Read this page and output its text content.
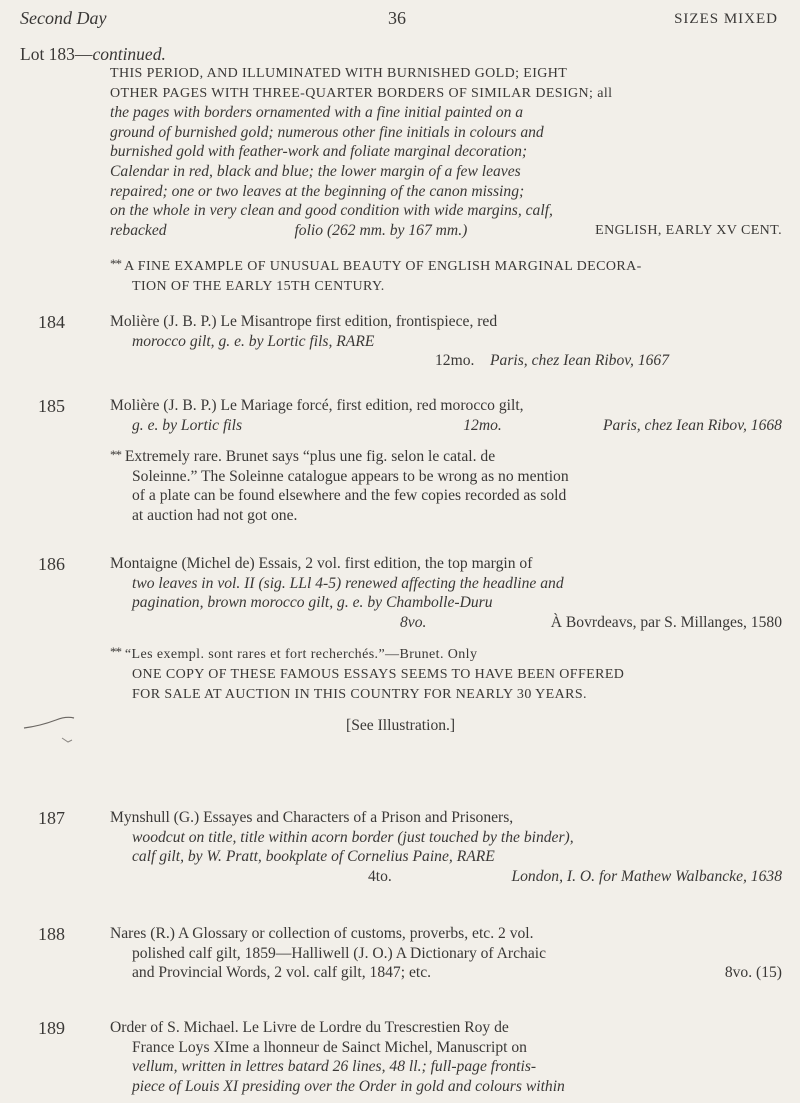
Second Day	36	SIZES MIXED
Lot 183—continued.

THIS PERIOD, AND ILLUMINATED WITH BURNISHED GOLD; EIGHT

OTHER PAGES WITH THREE-QUARTER BORDERS OF SIMILAR DESIGN; all

the pages with borders ornamented with a fine initial painted on a

ground of burnished gold; numerous other fine initials in colours and

burnished gold with feather-work and foliate marginal decoration;

Calendar in red, black and blue; the lower margin of a few leaves

repaired; one or two leaves at the beginning of the canon missing;

on the whole in very clean and good condition with wide margins, calf,

rebacked	folio (262 mm. by 167 mm.)	ENGLISH, EARLY XV CENT.

** A FINE EXAMPLE OF UNUSUAL BEAUTY OF ENGLISH MARGINAL DECORA-

TION OF THE EARLY 15TH CENTURY.

184	Molière (J. B. P.) Le Misantrope first edition, frontispiece, red

morocco gilt, g. e. by Lortic fils, RARE

12mo. Paris, chez Iean Ribov, 1667

185	Molière (J. B. P.) Le Mariage forcé, first edition, red morocco gilt,

g. e. by Lortic fils	12mo.	Paris, chez Iean Ribov, 1668

** Extremely rare. Brunet says “plus une fig. selon le catal. de

Soleinne.” The Soleinne catalogue appears to be wrong as no mention

of a plate can be found elsewhere and the few copies recorded as sold

at auction had not got one.

186	Montaigne (Michel de) Essais, 2 vol. first edition, the top margin of

two leaves in vol. II (sig. LLl 4-5) renewed affecting the headline and

pagination, brown morocco gilt, g. e. by Chambolle-Duru

8vo.	À Bovrdeavs, par S. Millanges, 1580

** “Les exempl. sont rares et fort recherchés.”—Brunet. Only

ONE COPY OF THESE FAMOUS ESSAYS SEEMS TO HAVE BEEN OFFERED

FOR SALE AT AUCTION IN THIS COUNTRY FOR NEARLY 30 YEARS.

[See Illustration.]

187	Mynshull (G.) Essayes and Characters of a Prison and Prisoners,

woodcut on title, title within acorn border (just touched by the binder),

calf gilt, by W. Pratt, bookplate of Cornelius Paine, RARE

4to.	London, I. O. for Mathew Walbancke, 1638

188	Nares (R.) A Glossary or collection of customs, proverbs, etc. 2 vol.

polished calf gilt, 1859—Halliwell (J. O.) A Dictionary of Archaic

and Provincial Words, 2 vol. calf gilt, 1847; etc.	8vo. (15)

189	Order of S. Michael. Le Livre de Lordre du Trescrestien Roy de

France Loys XIme a lhonneur de Sainct Michel, Manuscript on

vellum, written in lettres batard 26 lines, 48 ll.; full-page frontis-

piece of Louis XI presiding over the Order in gold and colours within
